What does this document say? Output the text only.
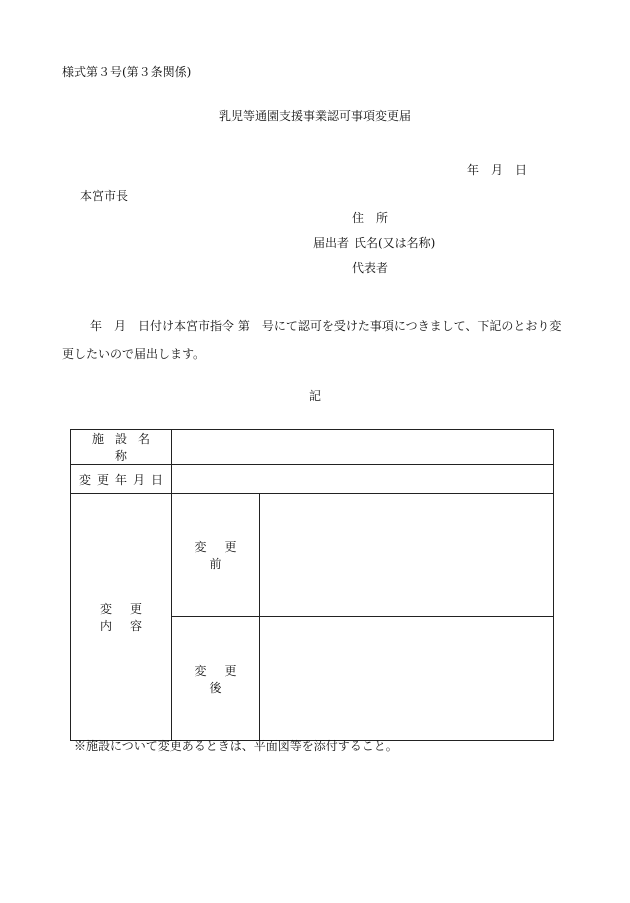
様式第３号(第３条関係)
乳児等通園支援事業認可事項変更届
年　月　日
本宮市長
住　所
届出者 氏名(又は名称)
代表者
年　月　日付け本宮市指令 第　号にて認可を受けた事項につきまして、下記のとおり変更したいので届出します。
記
施設名称		
変更年月日		
変更内容	変更前	
	変更後	
※施設について変更あるときは、平面図等を添付すること。
